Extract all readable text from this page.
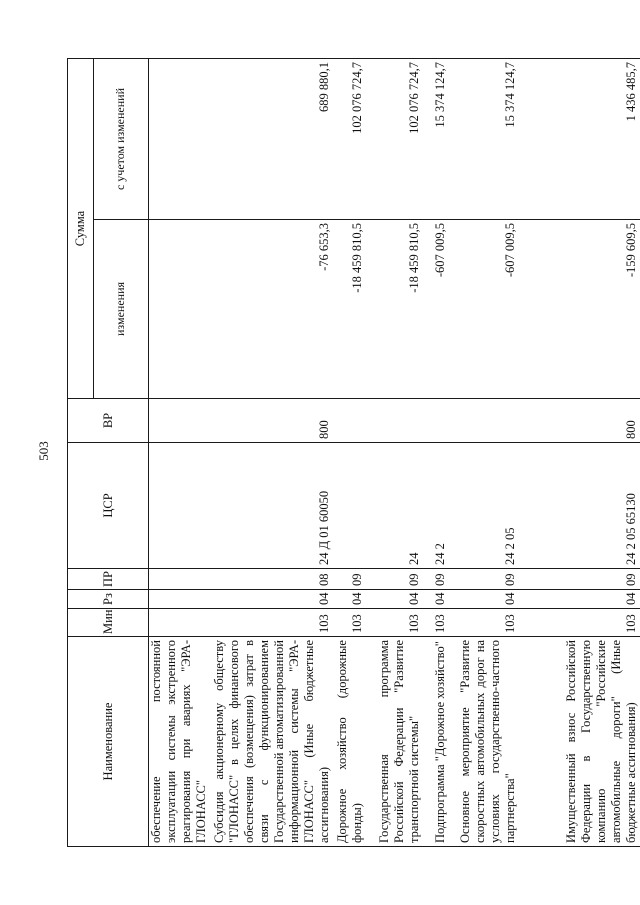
503
Наименование	Мин	Рз	ПР	ЦСР	ВР	Сумма	
						изменения	с учетом изменений
обеспечение постоянной эксплуатации системы экстренного реагирования при авариях "ЭРА-ГЛОНАСС"							
Субсидия акционерному обществу "ГЛОНАСС" в целях финансового обеспечения (возмещения) затрат в связи с функционированием Государственной автоматизированной информационной системы "ЭРА-ГЛОНАСС" (Иные бюджетные ассигнования)	103	04	08	24 Д 01 60050	800	-76 653,3	689 880,1
Дорожное хозяйство (дорожные фонды)	103	04	09			-18 459 810,5	102 076 724,7
Государственная программа Российской Федерации "Развитие транспортной системы"	103	04	09	24		-18 459 810,5	102 076 724,7
Подпрограмма "Дорожное хозяйство"	103	04	09	24 2		-607 009,5	15 374 124,7
Основное мероприятие "Развитие скоростных автомобильных дорог на условиях государственно-частного партнерства"	103	04	09	24 2 05		-607 009,5	15 374 124,7
Имущественный взнос Российской Федерации в Государственную компанию "Российские автомобильные дороги" (Иные бюджетные ассигнования)	103	04	09	24 2 05 65130	800	-159 609,5	1 436 485,7
